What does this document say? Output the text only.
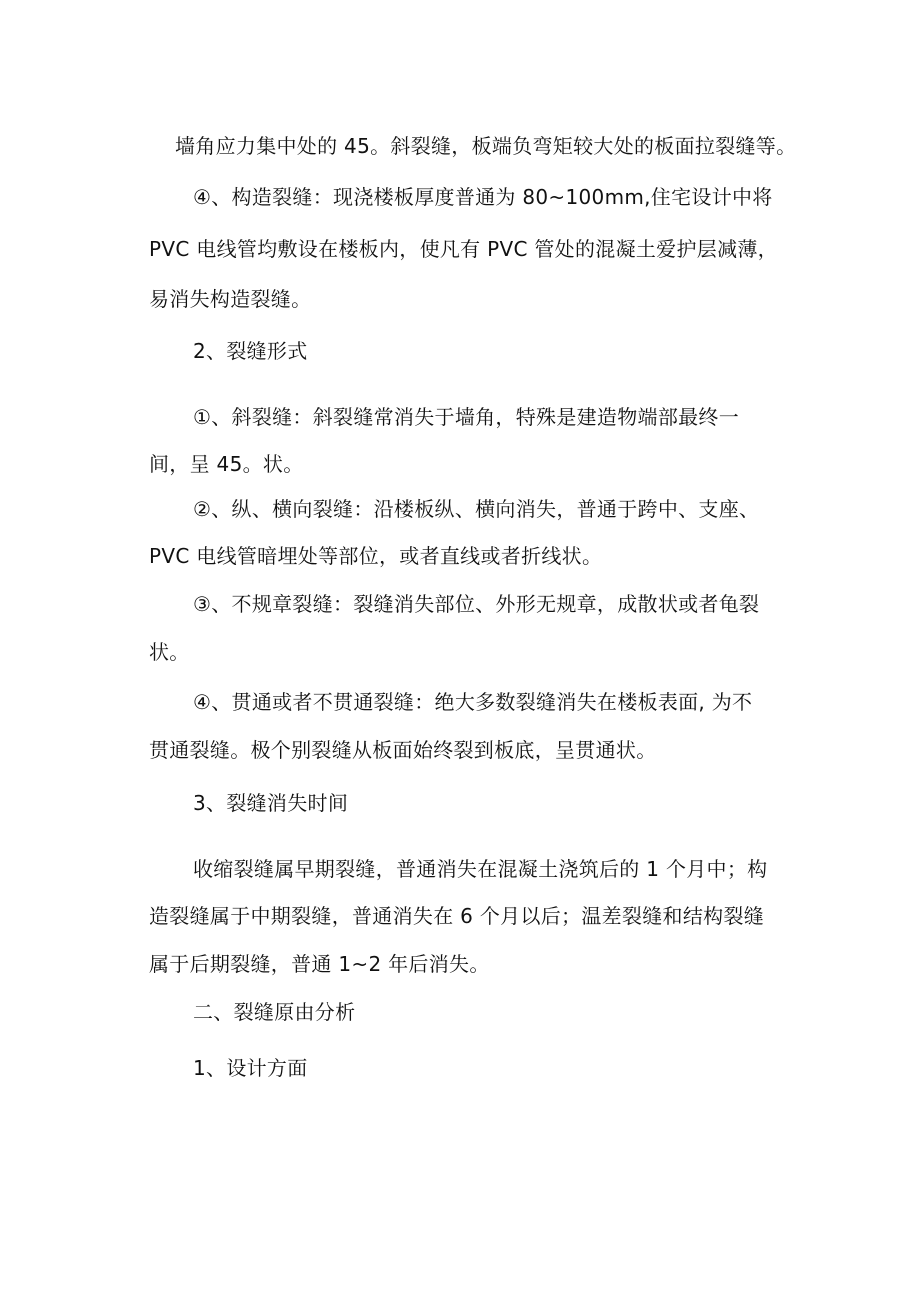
墙角应力集中处的 45。斜裂缝，板端负弯矩较大处的板面拉裂缝等。
④、构造裂缝：现浇楼板厚度普通为 80~100mm,住宅设计中将
PVC 电线管均敷设在楼板内，使凡有 PVC 管处的混凝土爱护层减薄，
易消失构造裂缝。
2、裂缝形式
①、斜裂缝：斜裂缝常消失于墙角，特殊是建造物端部最终一
间，呈 45。状。
②、纵、横向裂缝：沿楼板纵、横向消失，普通于跨中、支座、
PVC 电线管暗埋处等部位，或者直线或者折线状。
③、不规章裂缝：裂缝消失部位、外形无规章，成散状或者龟裂
状。
④、贯通或者不贯通裂缝：绝大多数裂缝消失在楼板表面, 为不
贯通裂缝。极个别裂缝从板面始终裂到板底，呈贯通状。
3、裂缝消失时间
收缩裂缝属早期裂缝，普通消失在混凝土浇筑后的 1 个月中；构
造裂缝属于中期裂缝，普通消失在 6 个月以后；温差裂缝和结构裂缝
属于后期裂缝，普通 1~2 年后消失。
二、裂缝原由分析
1、设计方面
